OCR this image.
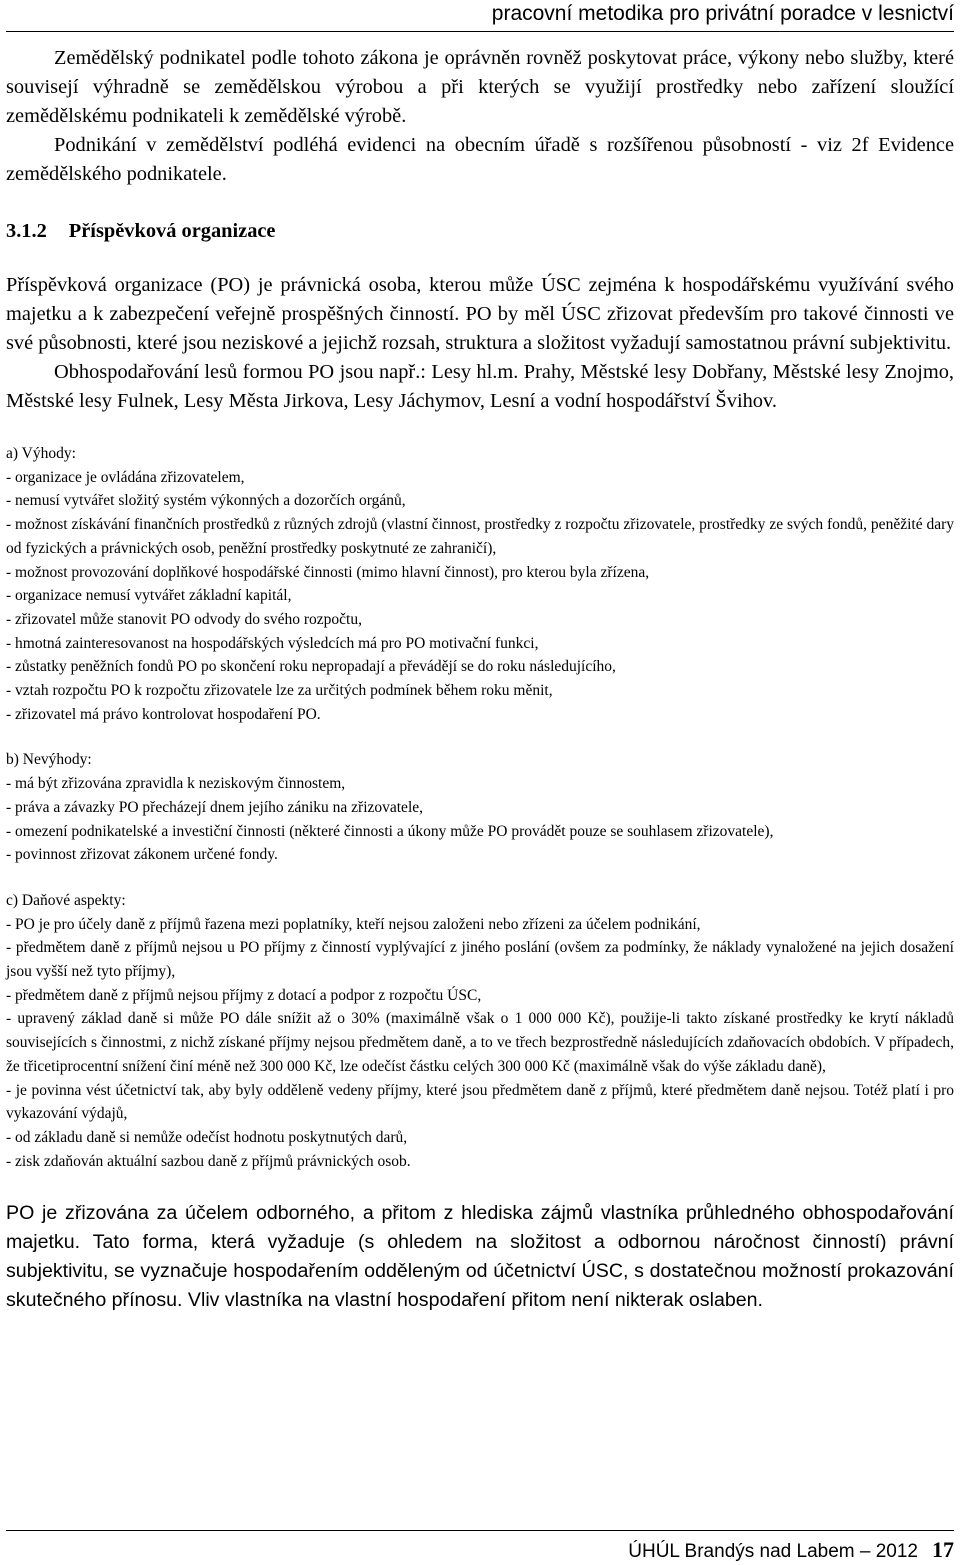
pracovní metodika pro privátní poradce v lesnictví

Zemědělský podnikatel podle tohoto zákona je oprávněn rovněž poskytovat práce, výkony nebo služby, které souvisejí výhradně se zemědělskou výrobou a při kterých se využijí prostředky nebo zařízení sloužící zemědělskému podnikateli k zemědělské výrobě.

Podnikání v zemědělství podléhá evidenci na obecním úřadě s rozšířenou působností - viz 2f Evidence zemědělského podnikatele.

3.1.2 Příspěvková organizace

Příspěvková organizace (PO) je právnická osoba, kterou může ÚSC zejména k hospodářskému využívání svého majetku a k zabezpečení veřejně prospěšných činností. PO by měl ÚSC zřizovat především pro takové činnosti ve své působnosti, které jsou neziskové a jejichž rozsah, struktura a složitost vyžadují samostatnou právní subjektivitu.

Obhospodařování lesů formou PO jsou např.: Lesy hl.m. Prahy, Městské lesy Dobřany, Městské lesy Znojmo, Městské lesy Fulnek, Lesy Města Jirkova, Lesy Jáchymov, Lesní a vodní hospodářství Švihov.

a) Výhody:

- organizace je ovládána zřizovatelem,

- nemusí vytvářet složitý systém výkonných a dozorčích orgánů,

- možnost získávání finančních prostředků z různých zdrojů (vlastní činnost, prostředky z rozpočtu zřizovatele, prostředky ze svých fondů, peněžité dary od fyzických a právnických osob, peněžní prostředky poskytnuté ze zahraničí),

- možnost provozování doplňkové hospodářské činnosti (mimo hlavní činnost), pro kterou byla zřízena,

- organizace nemusí vytvářet základní kapitál,

- zřizovatel může stanovit PO odvody do svého rozpočtu,

- hmotná zainteresovanost na hospodářských výsledcích má pro PO motivační funkci,

- zůstatky peněžních fondů PO po skončení roku nepropadají a převádějí se do roku následujícího,

- vztah rozpočtu PO k rozpočtu zřizovatele lze za určitých podmínek během roku měnit,

- zřizovatel má právo kontrolovat hospodaření PO.

b) Nevýhody:

- má být zřizována zpravidla k neziskovým činnostem,

- práva a závazky PO přecházejí dnem jejího zániku na zřizovatele,

- omezení podnikatelské a investiční činnosti (některé činnosti a úkony může PO provádět pouze se souhlasem zřizovatele),

- povinnost zřizovat zákonem určené fondy.

c) Daňové aspekty:

- PO je pro účely daně z příjmů řazena mezi poplatníky, kteří nejsou založeni nebo zřízeni za účelem podnikání,

- předmětem daně z příjmů nejsou u PO příjmy z činností vyplývající z jiného poslání (ovšem za podmínky, že náklady vynaložené na jejich dosažení jsou vyšší než tyto příjmy),

- předmětem daně z příjmů nejsou příjmy z dotací a podpor z rozpočtu ÚSC,

- upravený základ daně si může PO dále snížit až o 30% (maximálně však o 1 000 000 Kč), použije-li takto získané prostředky ke krytí nákladů souvisejících s činnostmi, z nichž získané příjmy nejsou předmětem daně, a to ve třech bezprostředně následujících zdaňovacích obdobích. V případech, že třicetiprocentní snížení činí méně než 300 000 Kč, lze odečíst částku celých 300 000 Kč (maximálně však do výše základu daně),

- je povinna vést účetnictví tak, aby byly odděleně vedeny příjmy, které jsou předmětem daně z příjmů, které předmětem daně nejsou. Totéž platí i pro vykazování výdajů,

- od základu daně si nemůže odečíst hodnotu poskytnutých darů,

- zisk zdaňován aktuální sazbou daně z příjmů právnických osob.

PO je zřizována za účelem odborného, a přitom z hlediska zájmů vlastníka průhledného obhospodařování majetku. Tato forma, která vyžaduje (s ohledem na složitost a odbornou náročnost činností) právní subjektivitu, se vyznačuje hospodařením odděleným od účetnictví ÚSC, s dostatečnou možností prokazování skutečného přínosu. Vliv vlastníka na vlastní hospodaření přitom není nikterak oslaben.

ÚHÚL Brandýs nad Labem – 2012 17
